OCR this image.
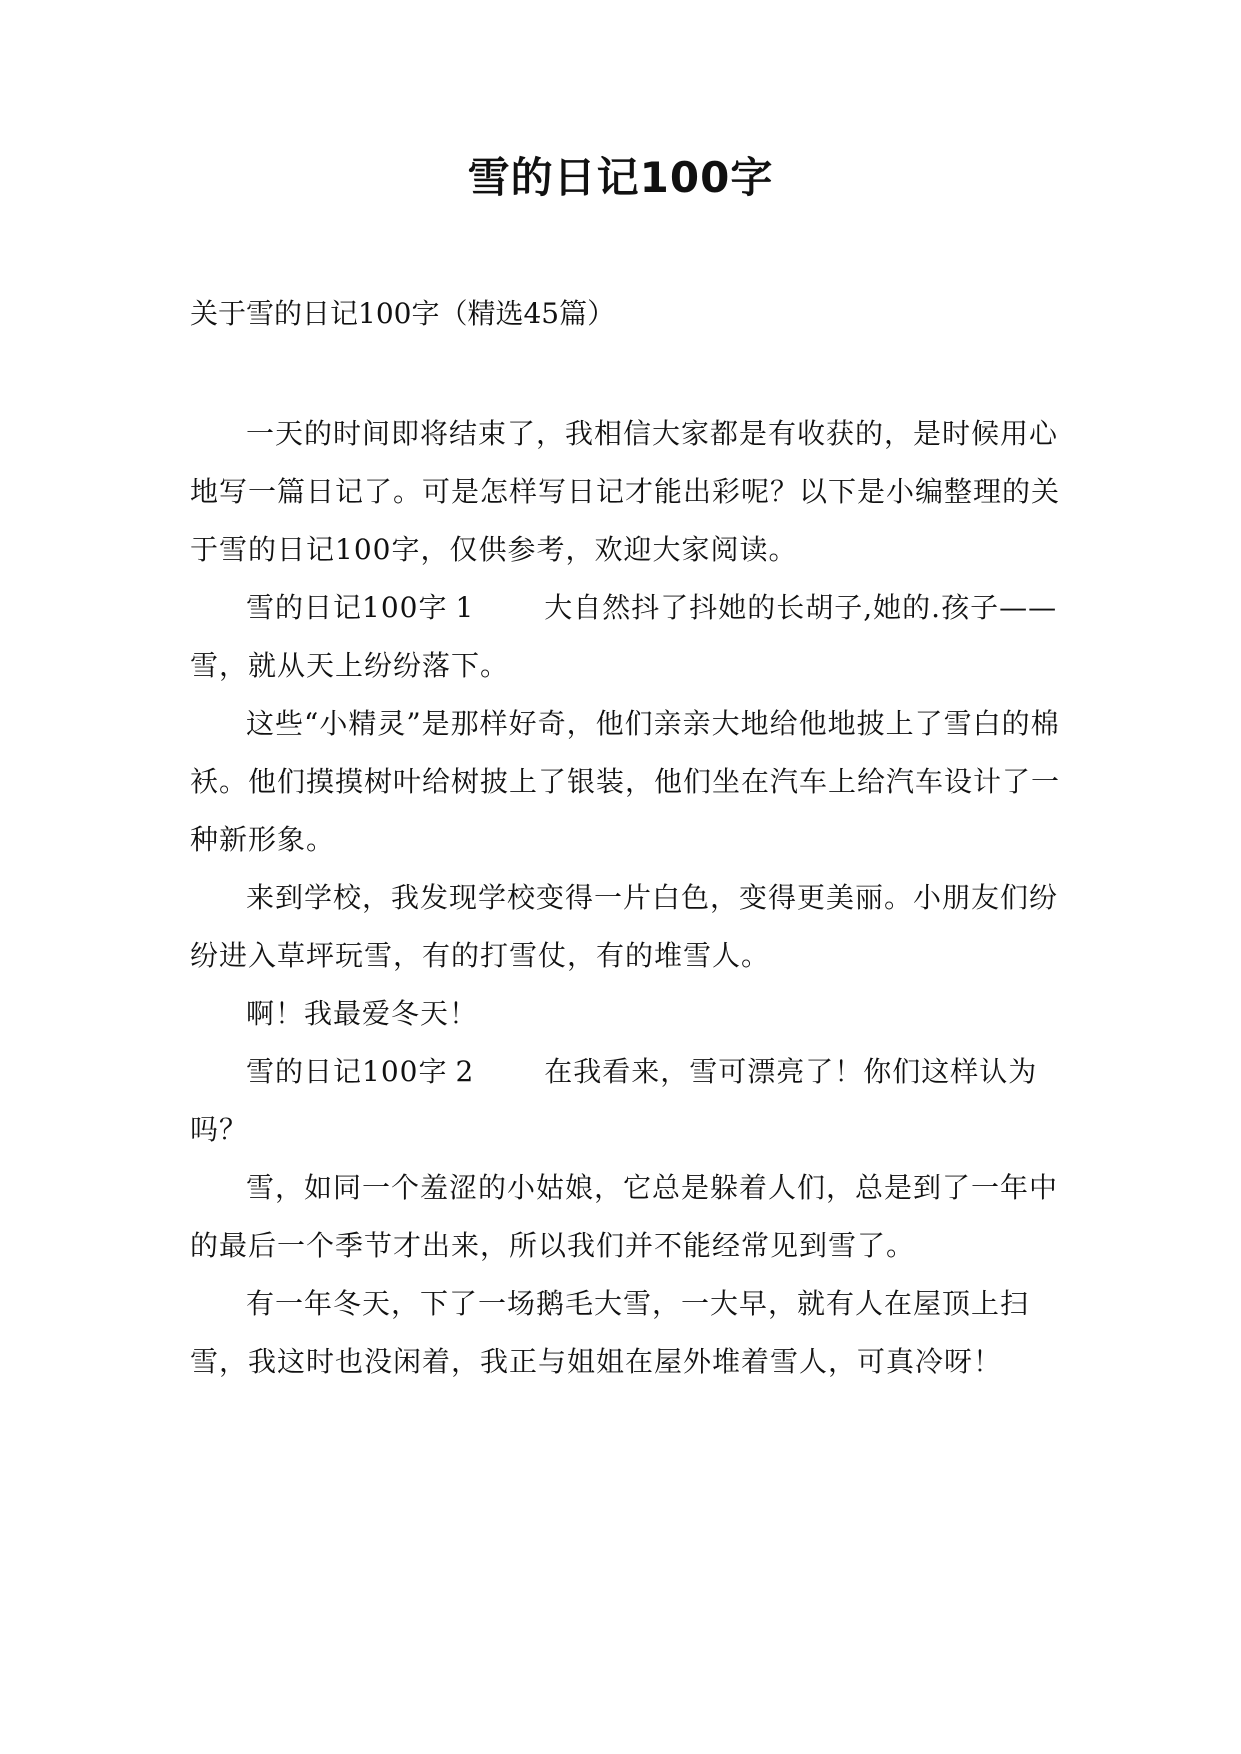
雪的日记100字
关于雪的日记100字（精选45篇）

一天的时间即将结束了，我相信大家都是有收获的，是时候用心地写一篇日记了。可是怎样写日记才能出彩呢？以下是小编整理的关于雪的日记100字，仅供参考，欢迎大家阅读。

雪的日记100字 1	大自然抖了抖她的长胡子,她的.孩子——雪，就从天上纷纷落下。

这些“小精灵”是那样好奇，他们亲亲大地给他地披上了雪白的棉袄。他们摸摸树叶给树披上了银装，他们坐在汽车上给汽车设计了一种新形象。

来到学校，我发现学校变得一片白色，变得更美丽。小朋友们纷纷进入草坪玩雪，有的打雪仗，有的堆雪人。

啊！我最爱冬天！

雪的日记100字 2	在我看来，雪可漂亮了！你们这样认为吗？

雪，如同一个羞涩的小姑娘，它总是躲着人们，总是到了一年中的最后一个季节才出来，所以我们并不能经常见到雪了。

有一年冬天，下了一场鹅毛大雪，一大早，就有人在屋顶上扫雪，我这时也没闲着，我正与姐姐在屋外堆着雪人，可真冷呀！
